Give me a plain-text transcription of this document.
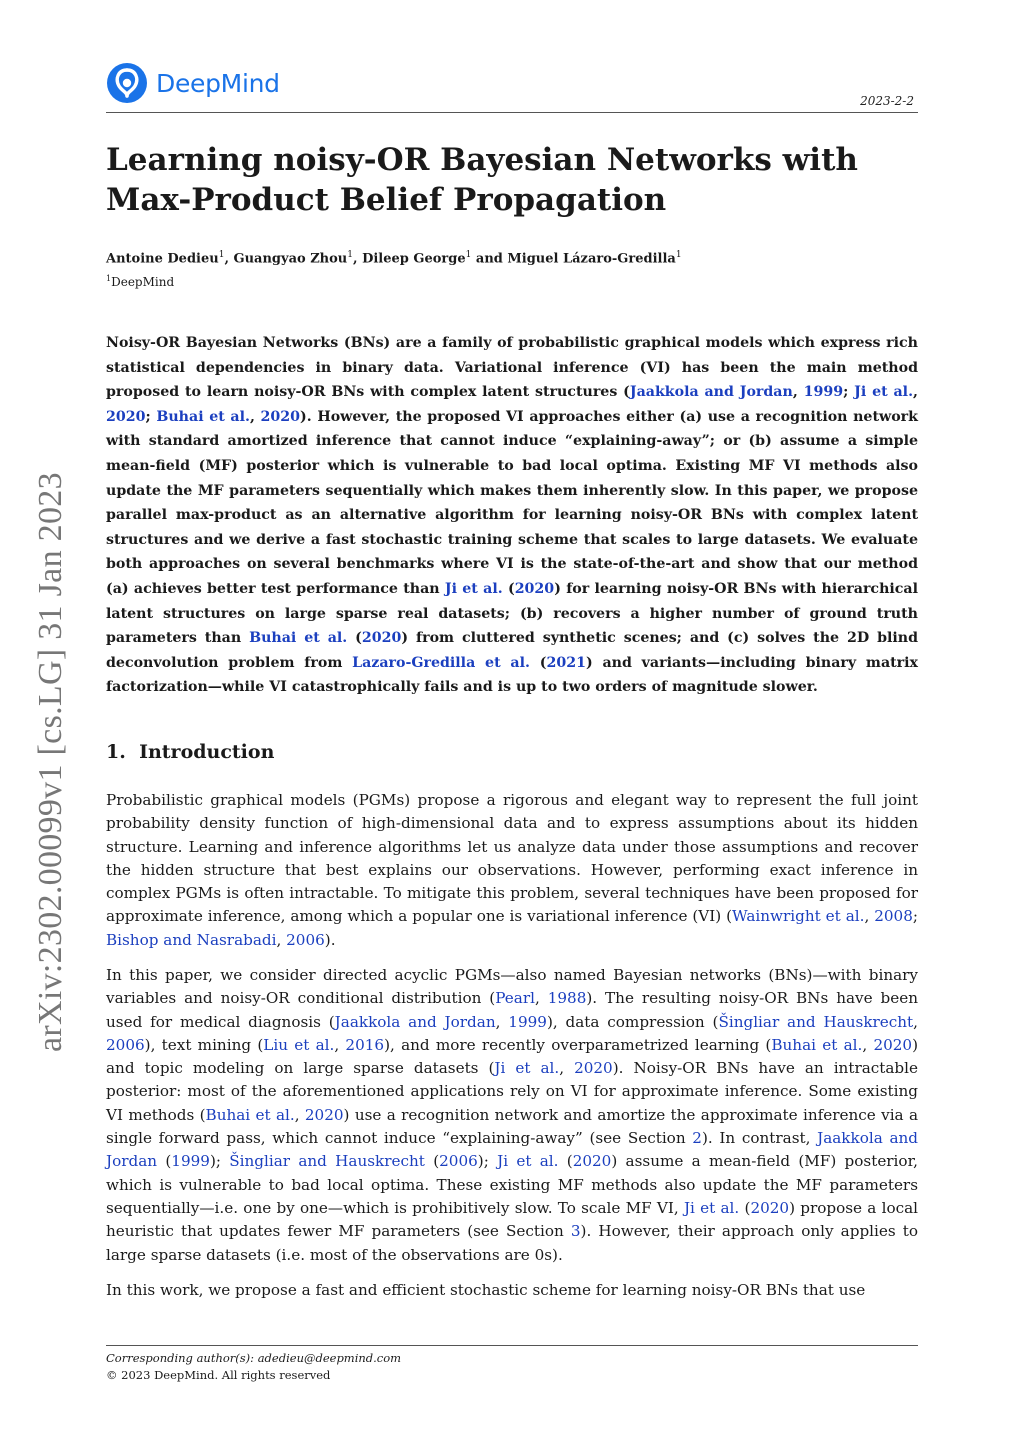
DeepMind
2023-2-2
arXiv:2302.00099v1 [cs.LG] 31 Jan 2023
Learning noisy-OR Bayesian Networks with
Max-Product Belief Propagation
Antoine Dedieu$^1$, Guangyao Zhou$^1$, Dileep George$^1$ and Miguel Lázaro-Gredilla$^1$
$^1$DeepMind

Noisy-OR Bayesian Networks (BNs) are a family of probabilistic graphical models which express rich statistical dependencies in binary data. Variational inference (VI) has been the main method proposed to learn noisy-OR BNs with complex latent structures (Jaakkola and Jordan, 1999; Ji et al., 2020; Buhai et al., 2020). However, the proposed VI approaches either (a) use a recognition network with standard amortized inference that cannot induce “explaining-away”; or (b) assume a simple mean-field (MF) posterior which is vulnerable to bad local optima. Existing MF VI methods also update the MF parameters sequentially which makes them inherently slow. In this paper, we propose parallel max-product as an alternative algorithm for learning noisy-OR BNs with complex latent structures and we derive a fast stochastic training scheme that scales to large datasets. We evaluate both approaches on several benchmarks where VI is the state-of-the-art and show that our method (a) achieves better test performance than Ji et al. (2020) for learning noisy-OR BNs with hierarchical latent structures on large sparse real datasets; (b) recovers a higher number of ground truth parameters than Buhai et al. (2020) from cluttered synthetic scenes; and (c) solves the 2D blind deconvolution problem from Lazaro-Gredilla et al. (2021) and variants—including binary matrix factorization—while VI catastrophically fails and is up to two orders of magnitude slower.

1. Introduction

Probabilistic graphical models (PGMs) propose a rigorous and elegant way to represent the full joint probability density function of high-dimensional data and to express assumptions about its hidden structure. Learning and inference algorithms let us analyze data under those assumptions and recover the hidden structure that best explains our observations. However, performing exact inference in complex PGMs is often intractable. To mitigate this problem, several techniques have been proposed for approximate inference, among which a popular one is variational inference (VI) (Wainwright et al., 2008; Bishop and Nasrabadi, 2006).

In this paper, we consider directed acyclic PGMs—also named Bayesian networks (BNs)—with binary variables and noisy-OR conditional distribution (Pearl, 1988). The resulting noisy-OR BNs have been used for medical diagnosis (Jaakkola and Jordan, 1999), data compression (Šingliar and Hauskrecht, 2006), text mining (Liu et al., 2016), and more recently overparametrized learning (Buhai et al., 2020) and topic modeling on large sparse datasets (Ji et al., 2020). Noisy-OR BNs have an intractable posterior: most of the aforementioned applications rely on VI for approximate inference. Some existing VI methods (Buhai et al., 2020) use a recognition network and amortize the approximate inference via a single forward pass, which cannot induce “explaining-away” (see Section 2). In contrast, Jaakkola and Jordan (1999); Šingliar and Hauskrecht (2006); Ji et al. (2020) assume a mean-field (MF) posterior, which is vulnerable to bad local optima. These existing MF methods also update the MF parameters sequentially—i.e. one by one—which is prohibitively slow. To scale MF VI, Ji et al. (2020) propose a local heuristic that updates fewer MF parameters (see Section 3). However, their approach only applies to large sparse datasets (i.e. most of the observations are 0s).

In this work, we propose a fast and efficient stochastic scheme for learning noisy-OR BNs that use

Corresponding author(s): adedieu@deepmind.com
© 2023 DeepMind. All rights reserved
